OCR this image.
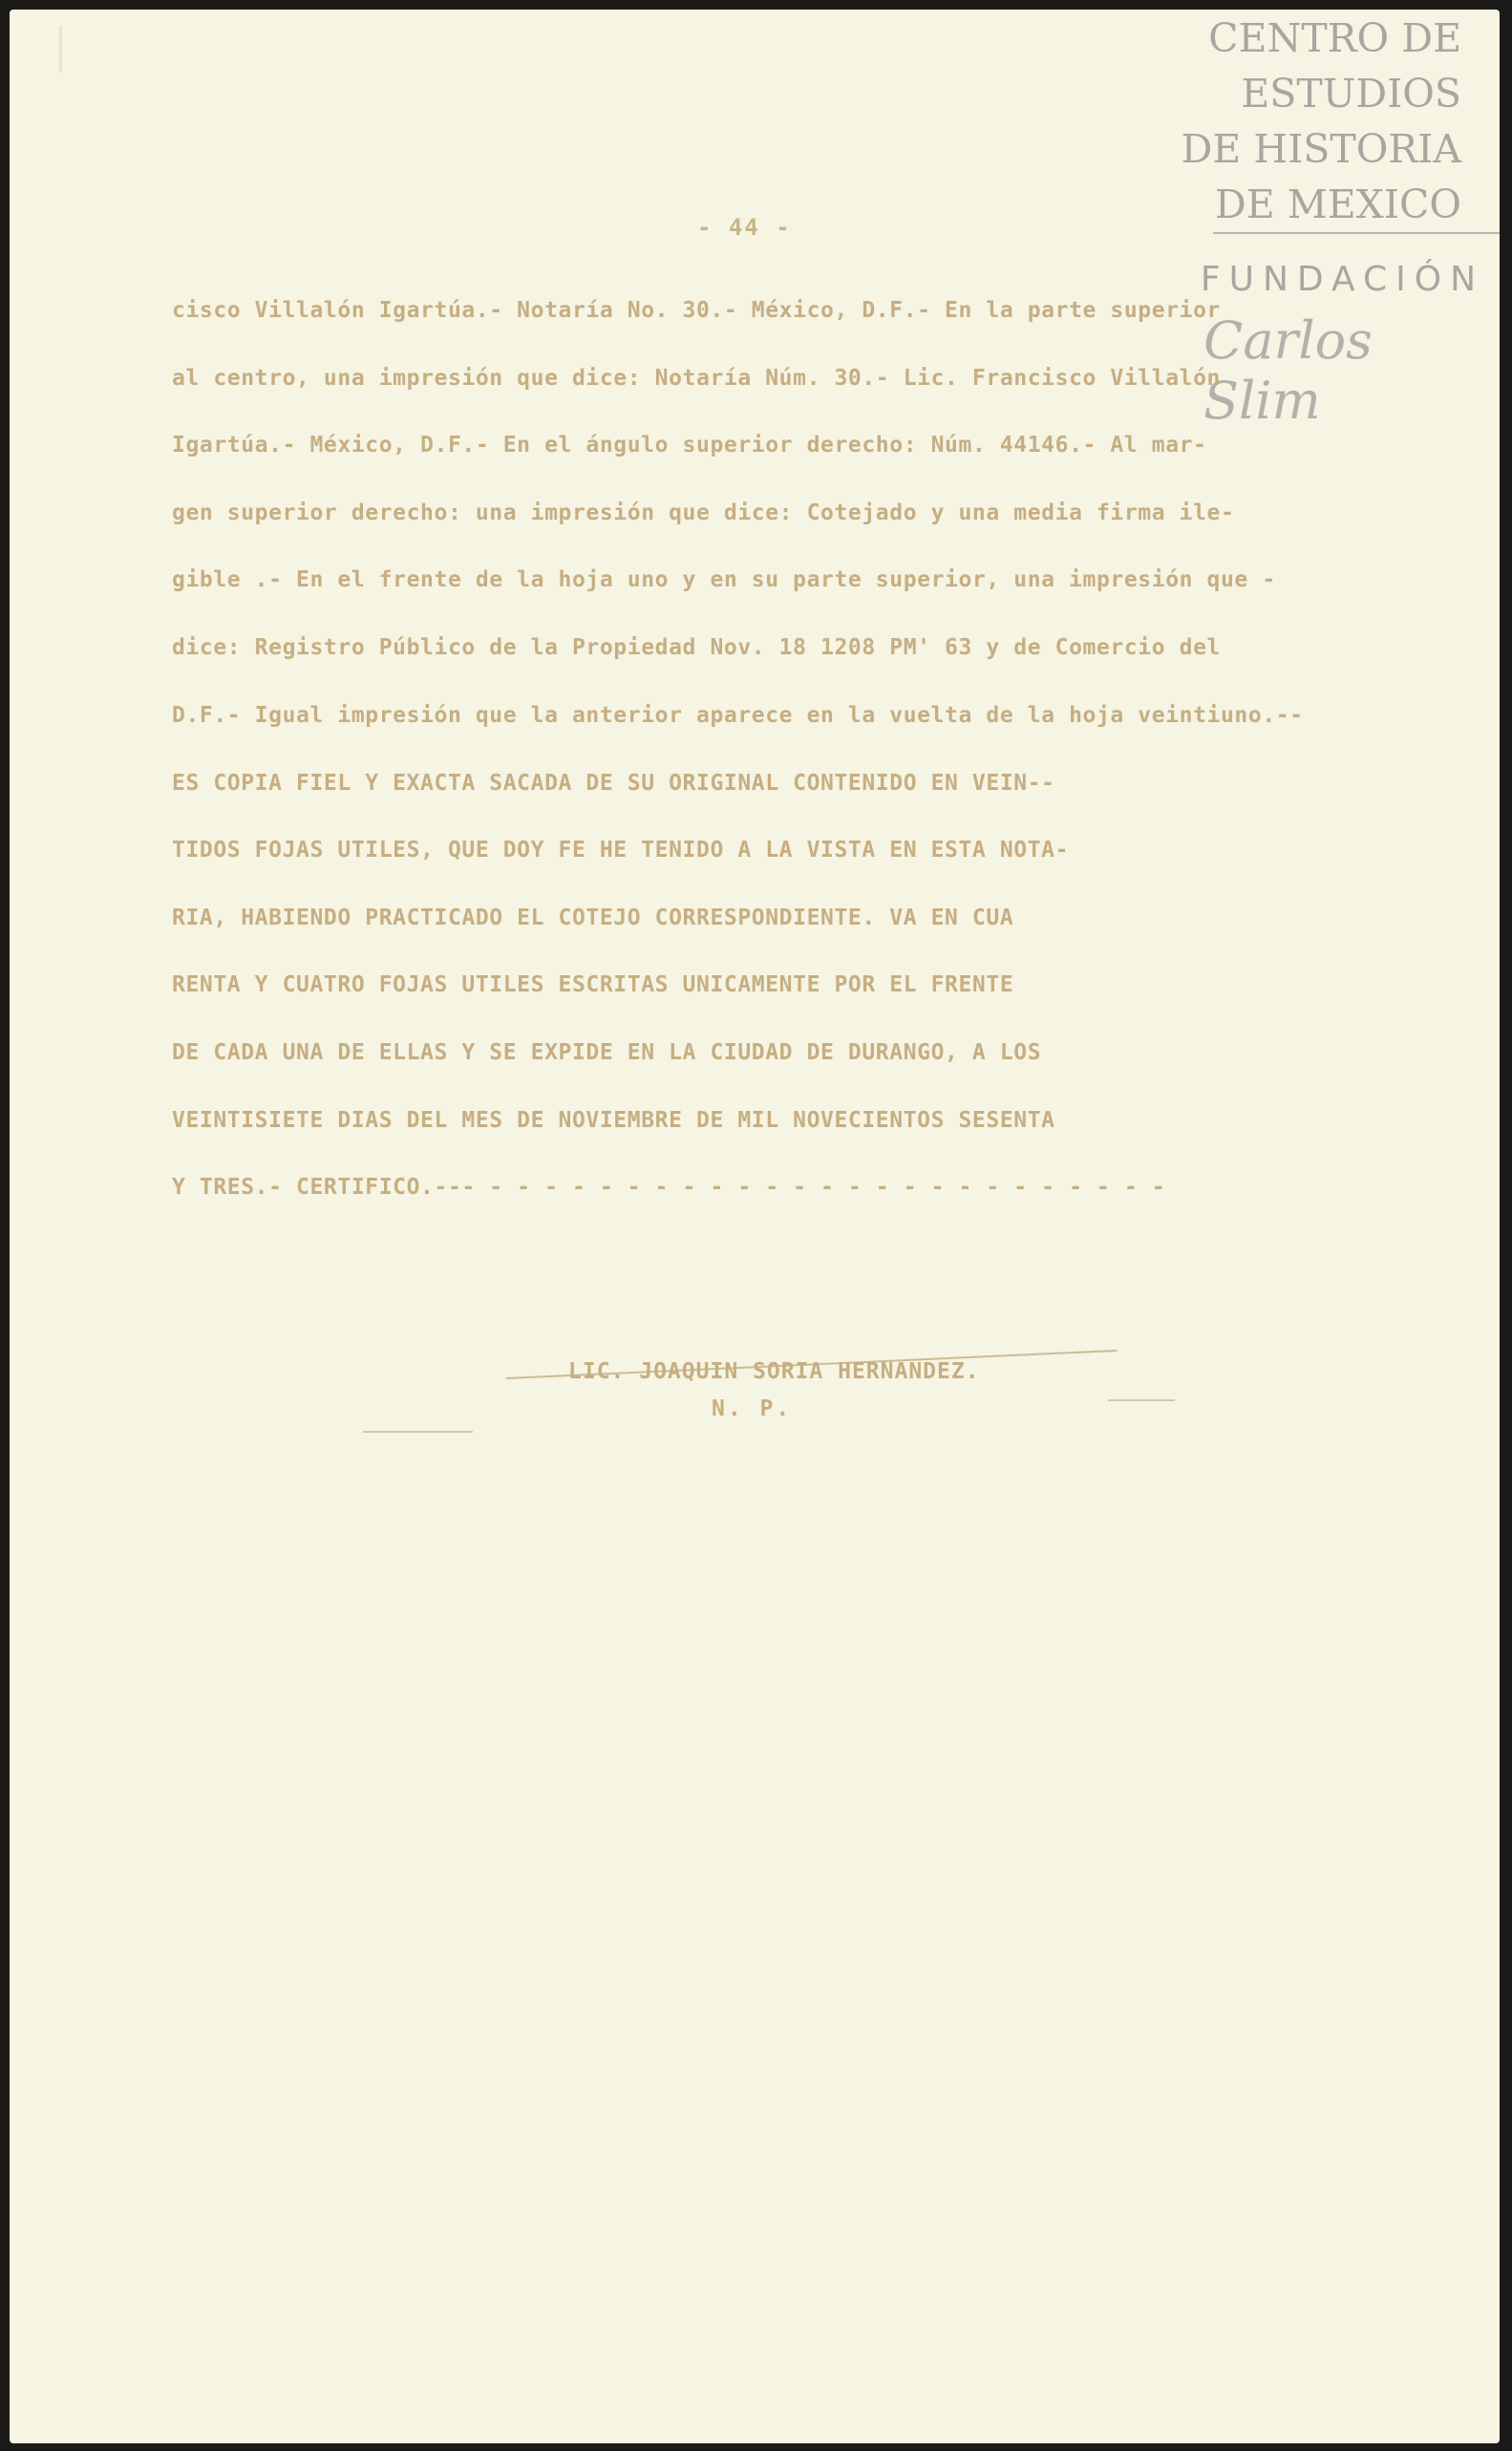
CENTRO DE
ESTUDIOS
DE HISTORIA
DE MEXICO
FUNDACIÓN
Carlos Slim
- 44 -
cisco Villalón Igartúa.- Notaría No. 30.- México, D.F.- En la parte superior
al centro, una impresión que dice: Notaría Núm. 30.- Lic. Francisco Villalón
Igartúa.- México, D.F.- En el ángulo superior derecho: Núm. 44146.- Al mar-
gen superior derecho: una impresión que dice: Cotejado y una media firma ile-
gible .- En el frente de la hoja uno y en su parte superior, una impresión que -
dice: Registro Público de la Propiedad Nov. 18 1208 PM' 63 y de Comercio del
D.F.- Igual impresión que la anterior aparece en la vuelta de la hoja veintiuno.--
ES COPIA FIEL Y EXACTA SACADA DE SU ORIGINAL CONTENIDO EN VEIN--
TIDOS FOJAS UTILES, QUE DOY FE HE TENIDO A LA VISTA EN ESTA NOTA-
RIA, HABIENDO PRACTICADO EL COTEJO CORRESPONDIENTE. VA EN CUA
RENTA Y CUATRO FOJAS UTILES ESCRITAS UNICAMENTE POR EL FRENTE
DE CADA UNA DE ELLAS Y SE EXPIDE EN LA CIUDAD DE DURANGO, A LOS
VEINTISIETE DIAS DEL MES DE NOVIEMBRE DE MIL NOVECIENTOS SESENTA
Y TRES.- CERTIFICO.--- - - - - - - - - - - - - - - - - - - - - - - - - -
LIC. JOAQUIN SORIA HERNANDEZ.
N. P.
